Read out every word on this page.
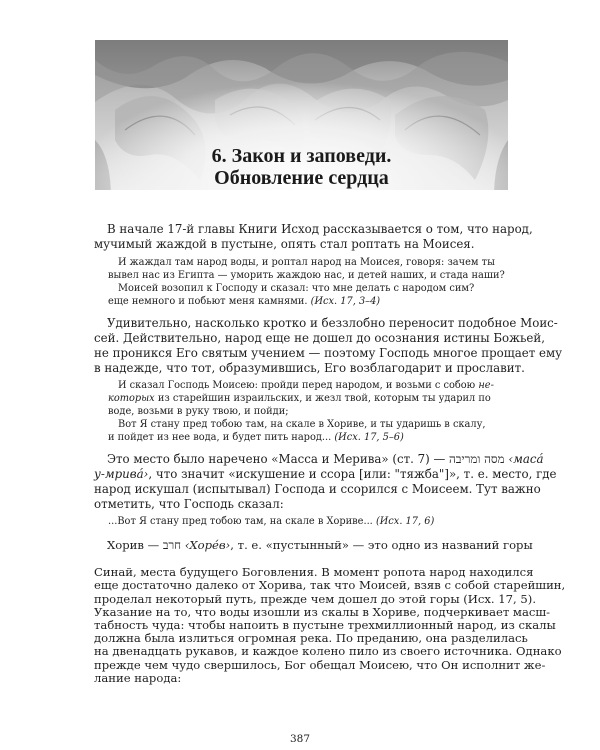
6. Закон и заповеди.
Обновление сердца
В начале 17-й главы Книги Исход рассказывается о том, что народ,
мучимый жаждой в пустыне, опять стал роптать на Моисея.
И жаждал там народ воды, и роптал народ на Моисея, говоря: зачем ты
вывел нас из Египта — уморить жаждою нас, и детей наших, и стада наши?
Моисей возопил к Господу и сказал: что мне делать с народом сим?
еще немного и побьют меня камнями. (Исх. 17, 3–4)
Удивительно, насколько кротко и беззлобно переносит подобное Моис-
сей. Действительно, народ еще не дошел до осознания истины Божьей,
не проникся Его святым учением — поэтому Господь многое прощает ему
в надежде, что тот, образумившись, Его возблагодарит и прославит.
И сказал Господь Моисею: пройди перед народом, и возьми с собою не-
которых из старейшин израильских, и жезл твой, которым ты ударил по
воде, возьми в руку твою, и пойди;
Вот Я стану пред тобою там, на скале в Хориве, и ты ударишь в скалу,
и пойдет из нее вода, и будет пить народ... (Исх. 17, 5–6)
Это место было наречено «Масса и Мерива» (ст. 7) — מסה ומריבה ‹масá
у-мривá›, что значит «искушение и ссора [или: "тяжба"]», т. е. место, где
народ искушал (испытывал) Господа и ссорился с Моисеем. Тут важно
отметить, что Господь сказал:
...Вот Я стану пред тобою там, на скале в Хориве... (Исх. 17, 6)
Хорив — חרב ‹Хорéв›, т. е. «пустынный» — это одно из названий горы
Синай, места будущего Боговления. В момент ропота народ находился
еще достаточно далеко от Хорива, так что Моисей, взяв с собой старейшин,
проделал некоторый путь, прежде чем дошел до этой горы (Исх. 17, 5).
Указание на то, что воды изошли из скалы в Хориве, подчеркивает масш-
табность чуда: чтобы напоить в пустыне трехмиллионный народ, из скалы
должна была излиться огромная река. По преданию, она разделилась
на двенадцать рукавов, и каждое колено пило из своего источника. Однако
прежде чем чудо свершилось, Бог обещал Моисею, что Он исполнит же-
лание народа:
387
